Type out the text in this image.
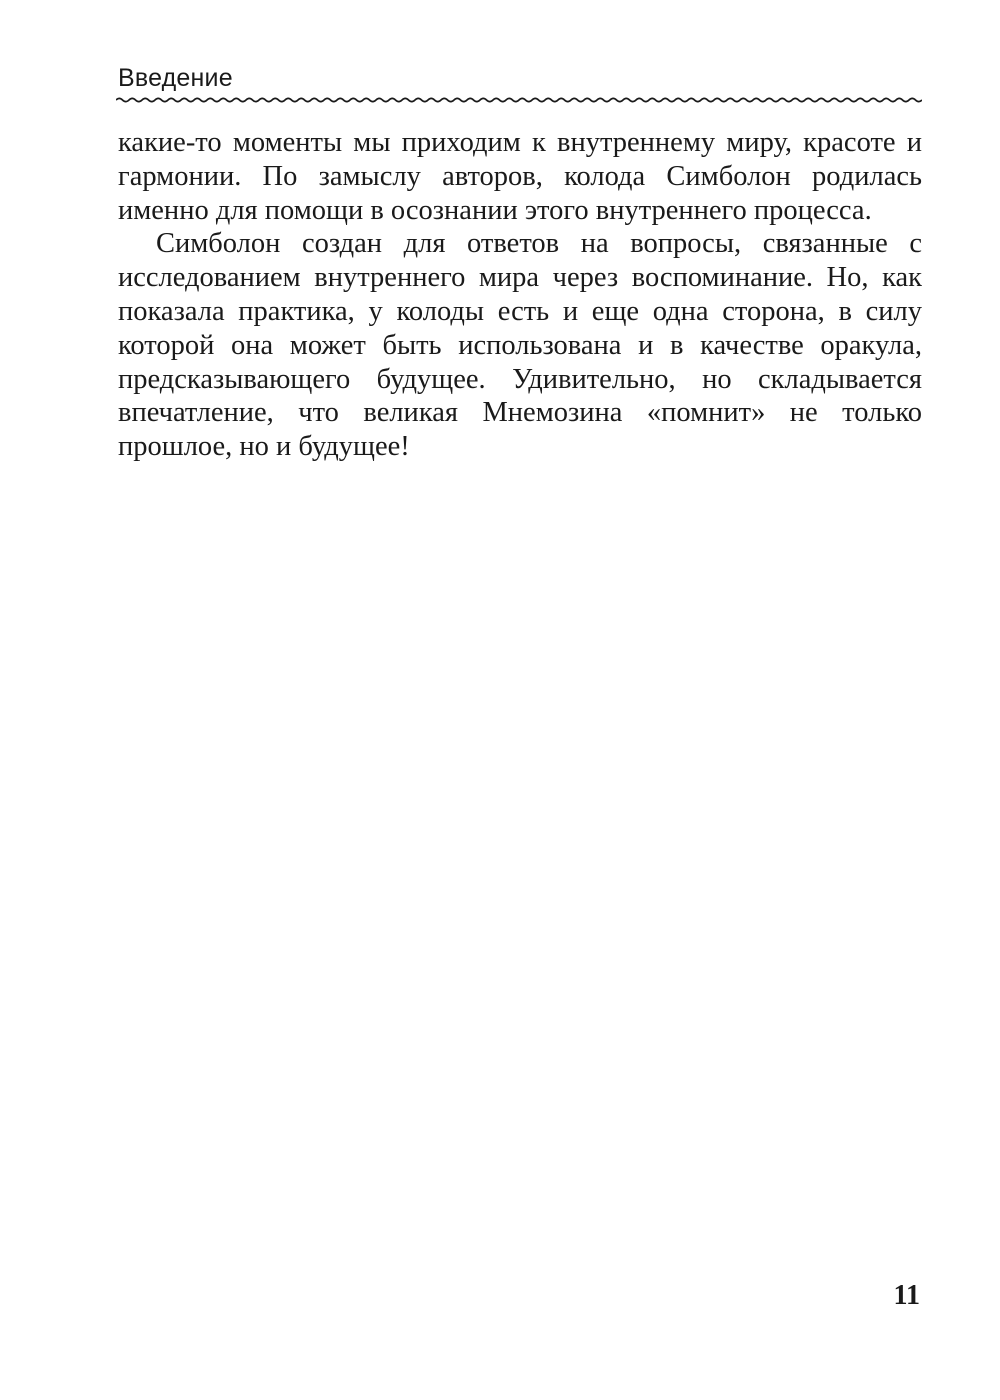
Введение

какие-то моменты мы приходим к внутреннему миру, красоте и гармонии. По замыслу авторов, колода Симболон родилась именно для помощи в осознании этого внутреннего процесса.

Симболон создан для ответов на вопросы, связанные с исследованием внутреннего мира через воспоминание. Но, как показала практика, у колоды есть и еще одна сторона, в силу которой она может быть использована и в качестве оракула, предсказывающего будущее. Удивительно, но складывается впечатление, что великая Мнемозина «помнит» не только прошлое, но и будущее!

11
